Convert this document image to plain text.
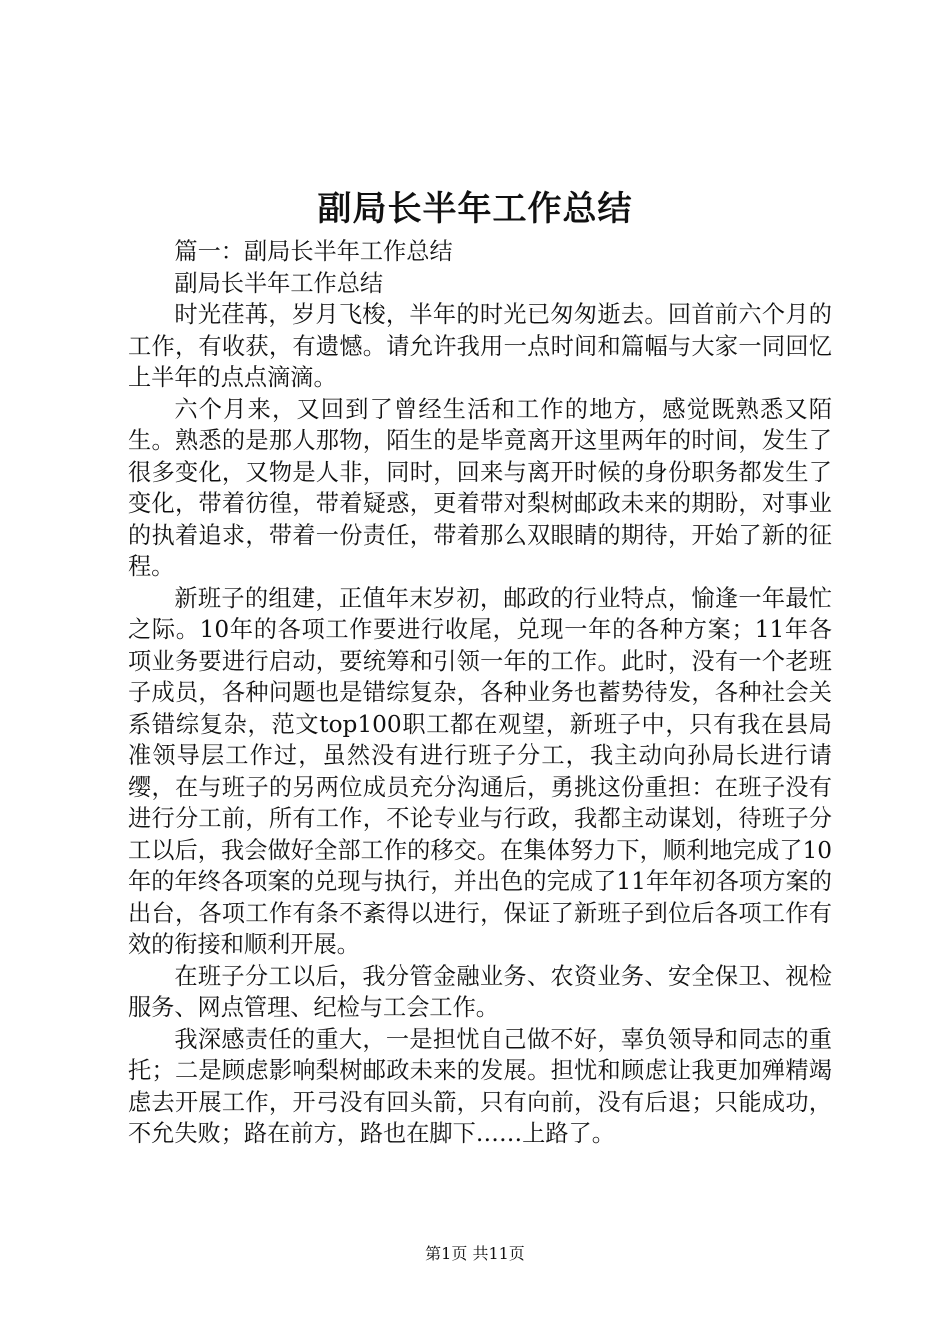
副局长半年工作总结

篇一：副局长半年工作总结

副局长半年工作总结

时光荏苒，岁月飞梭，半年的时光已匆匆逝去。回首前六个月的工作，有收获，有遗憾。请允许我用一点时间和篇幅与大家一同回忆上半年的点点滴滴。

六个月来，又回到了曾经生活和工作的地方，感觉既熟悉又陌生。熟悉的是那人那物，陌生的是毕竟离开这里两年的时间，发生了很多变化，又物是人非，同时，回来与离开时候的身份职务都发生了变化，带着彷徨，带着疑惑，更着带对梨树邮政未来的期盼，对事业的执着追求，带着一份责任，带着那么双眼睛的期待，开始了新的征程。

新班子的组建，正值年末岁初，邮政的行业特点，愉逢一年最忙之际。10年的各项工作要进行收尾，兑现一年的各种方案；11年各项业务要进行启动，要统筹和引领一年的工作。此时，没有一个老班子成员，各种问题也是错综复杂，各种业务也蓄势待发，各种社会关系错综复杂，范文top100职工都在观望，新班子中，只有我在县局准领导层工作过，虽然没有进行班子分工，我主动向孙局长进行请缨，在与班子的另两位成员充分沟通后，勇挑这份重担：在班子没有进行分工前，所有工作，不论专业与行政，我都主动谋划，待班子分工以后，我会做好全部工作的移交。在集体努力下，顺利地完成了10年的年终各项案的兑现与执行，并出色的完成了11年年初各项方案的出台，各项工作有条不紊得以进行，保证了新班子到位后各项工作有效的衔接和顺利开展。

在班子分工以后，我分管金融业务、农资业务、安全保卫、视检服务、网点管理、纪检与工会工作。

我深感责任的重大，一是担忧自己做不好，辜负领导和同志的重托；二是顾虑影响梨树邮政未来的发展。担忧和顾虑让我更加殚精竭虑去开展工作，开弓没有回头箭，只有向前，没有后退；只能成功，不允失败；路在前方，路也在脚下……上路了。

第1页 共11页
